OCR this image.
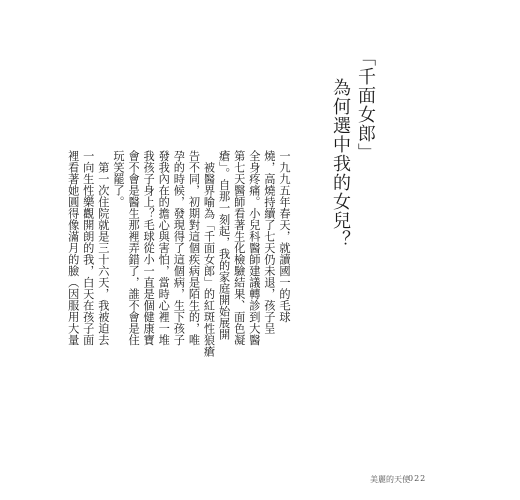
「千面女郎」
為何選中我的女兒？
一九九五年春天，就讀國一的毛球
燒，高燒持續了七天仍未退，孩子呈
全身疼痛。小兒科醫師建議轉診到大醫
第七天醫師看著生化檢驗結果、面色凝
瘡」。自那一刻起，我的家庭開始展開
　被醫界喻為「千面女郎」的紅斑性狼瘡
告不同，初期對這個疾病是陌生的，唯
孕的時候，發現得了這個病，生下孩子
發我內在的擔心與害怕，當時心裡一堆
我孩子身上？毛球從小一直是個健康寶
會不會是醫生那裡弄錯了，誰不會是住
玩笑罷了。
　第一次住院就是三十六天，我被迫去
一向生性樂觀開朗的我，白天在孩子面
裡看著她圓得像滿月的臉（因服用大量
美麗的天使
022
